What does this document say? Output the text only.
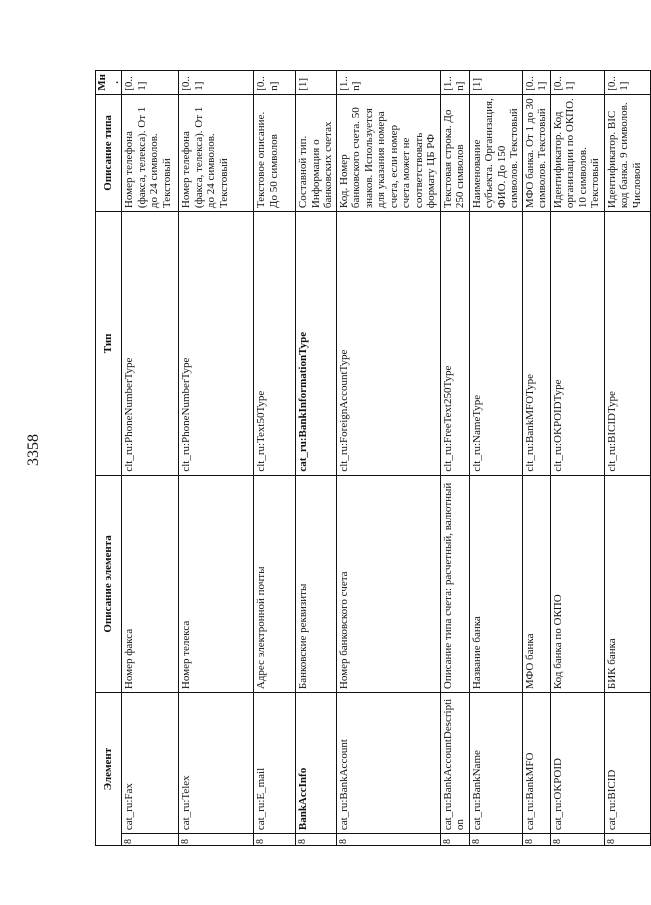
3358
Элемент		Описание элемента	Тип	Описание типа	Мн.
8	cat_ru:Fax	Номер факса	clt_ru:PhoneNumberType	Номер телефона (факса, телекса). От 1 до 24 символов. Текстовый	[0..1]
8	cat_ru:Telex	Номер телекса	clt_ru:PhoneNumberType	Номер телефона (факса, телекса). От 1 до 24 символов. Текстовый	[0..1]
8	cat_ru:E_mail	Адрес электронной почты	clt_ru:Text50Type	Текстовое описание. До 50 символов	[0..n]
8	BankAccInfo	Банковские реквизиты	cat_ru:BankInformationType	Составной тип. Информация о банковских счетах	[1]
8	cat_ru:BankAccount	Номер банковского счета	clt_ru:ForeignAccountType	Код. Номер банковского счета. 50 знаков. Используется для указания номера счета, если номер счета может не соответствовать формату ЦБ РФ	[1..n]
8	cat_ru:BankAccountDescription	Описание типа счета: расчетный, валютный	clt_ru:FreeText250Type	Текстовая строка. До 250 символов	[1..n]
8	cat_ru:BankName	Название банка	clt_ru:NameType	Наименование субъекта. Организация, ФИО. До 150 символов. Текстовый	[1]
8	cat_ru:BankMFO	МФО банка	clt_ru:BankMFOType	МФО банка. От 1 до 30 символов. Текстовый	[0..1]
8	cat_ru:OKPOID	Код банка по ОКПО	clt_ru:OKPOIDType	Идентификатор. Код организации по ОКПО. 10 символов. Текстовый	[0..1]
8	cat_ru:BICID	БИК банка	clt_ru:BICIDType	Идентификатор. BIC код банка. 9 символов. Числовой	[0..1]
